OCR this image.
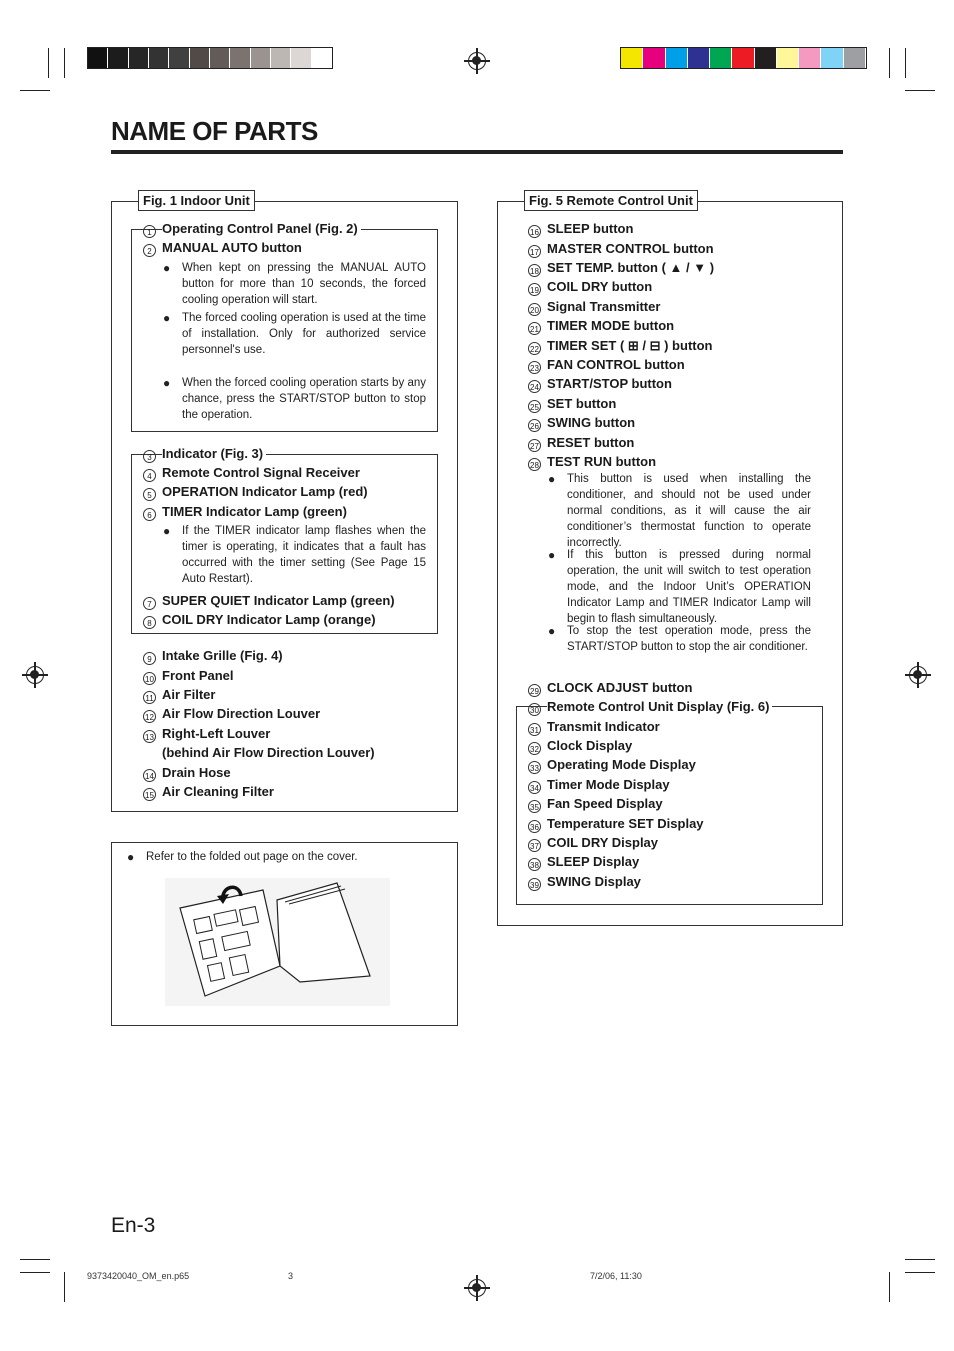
NAME OF PARTS
Fig. 1 Indoor Unit
1 Operating Control Panel (Fig. 2)
2 MANUAL AUTO button
3 Indicator (Fig. 3)
4 Remote Control Signal Receiver
5 OPERATION Indicator Lamp (red)
6 TIMER Indicator Lamp (green)
7 SUPER QUIET Indicator Lamp (green)
8 COIL DRY Indicator Lamp (orange)
9 Intake Grille (Fig. 4)
10 Front Panel
11 Air Filter
12 Air Flow Direction Louver
13 Right-Left Louver
(behind Air Flow Direction Louver)
14 Drain Hose
15 Air Cleaning Filter
● When kept on pressing the MANUAL AUTO button for more than 10 seconds, the forced cooling operation will start.
● The forced cooling operation is used at the time of installation. Only for authorized service personnel's use.
● When the forced cooling operation starts by any chance, press the START/STOP button to stop the operation.
● If the TIMER indicator lamp flashes when the timer is operating, it indicates that a fault has occurred with the timer setting (See Page 15 Auto Restart).
● Refer to the folded out page on the cover.
Fig. 5 Remote Control Unit
16 SLEEP button
17 MASTER CONTROL button
18 SET TEMP. button ( ▲ / ▼ )
19 COIL DRY button
20 Signal Transmitter
21 TIMER MODE button
22 TIMER SET ( ⊞ / ⊟ ) button
23 FAN CONTROL button
24 START/STOP button
25 SET button
26 SWING button
27 RESET button
28 TEST RUN button
29 CLOCK ADJUST button
30 Remote Control Unit Display (Fig. 6)
31 Transmit Indicator
32 Clock Display
33 Operating Mode Display
34 Timer Mode Display
35 Fan Speed Display
36 Temperature SET Display
37 COIL DRY Display
38 SLEEP Display
39 SWING Display
● This button is used when installing the conditioner, and should not be used under normal conditions, as it will cause the air conditioner’s thermostat function to operate incorrectly.
● If this button is pressed during normal operation, the unit will switch to test operation mode, and the Indoor Unit’s OPERATION Indicator Lamp and TIMER Indicator Lamp will begin to flash simultaneously.
● To stop the test operation mode, press the START/STOP button to stop the air conditioner.
En-3
9373420040_OM_en.p65	3	7/2/06, 11:30
